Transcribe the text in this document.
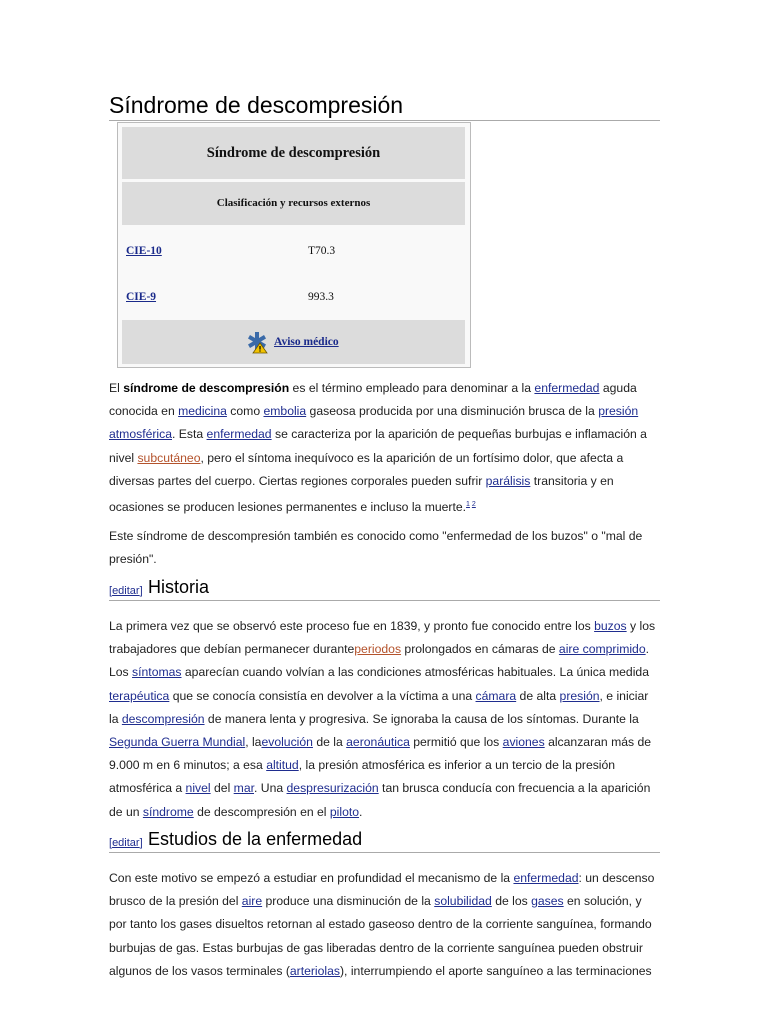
Síndrome de descompresión
Síndrome de descompresión
Clasificación y recursos externos
CIE-10	T70.3
CIE-9	993.3
Aviso médico

El síndrome de descompresión es el término empleado para denominar a la enfermedad aguda conocida en medicina como embolia gaseosa producida por una disminución brusca de la presión atmosférica. Esta enfermedad se caracteriza por la aparición de pequeñas burbujas e inflamación a nivel subcutáneo, pero el síntoma inequívoco es la aparición de un fortísimo dolor, que afecta a diversas partes del cuerpo. Ciertas regiones corporales pueden sufrir parálisis transitoria y en ocasiones se producen lesiones permanentes e incluso la muerte.$^{1 2}$

Este síndrome de descompresión también es conocido como "enfermedad de los buzos" o "mal de presión".

[editar] Historia

La primera vez que se observó este proceso fue en 1839, y pronto fue conocido entre los buzos y los trabajadores que debían permanecer duranteperiodos prolongados en cámaras de aire comprimido. Los síntomas aparecían cuando volvían a las condiciones atmosféricas habituales. La única medida terapéutica que se conocía consistía en devolver a la víctima a una cámara de alta presión, e iniciar la descompresión de manera lenta y progresiva. Se ignoraba la causa de los síntomas. Durante la Segunda Guerra Mundial, laevolución de la aeronáutica permitió que los aviones alcanzaran más de 9.000 m en 6 minutos; a esa altitud, la presión atmosférica es inferior a un tercio de la presión atmosférica a nivel del mar. Una despresurización tan brusca conducía con frecuencia a la aparición de un síndrome de descompresión en el piloto.

[editar] Estudios de la enfermedad

Con este motivo se empezó a estudiar en profundidad el mecanismo de la enfermedad: un descenso brusco de la presión del aire produce una disminución de la solubilidad de los gases en solución, y por tanto los gases disueltos retornan al estado gaseoso dentro de la corriente sanguínea, formando burbujas de gas. Estas burbujas de gas liberadas dentro de la corriente sanguínea pueden obstruir algunos de los vasos terminales (arteriolas), interrumpiendo el aporte sanguíneo a las terminaciones
